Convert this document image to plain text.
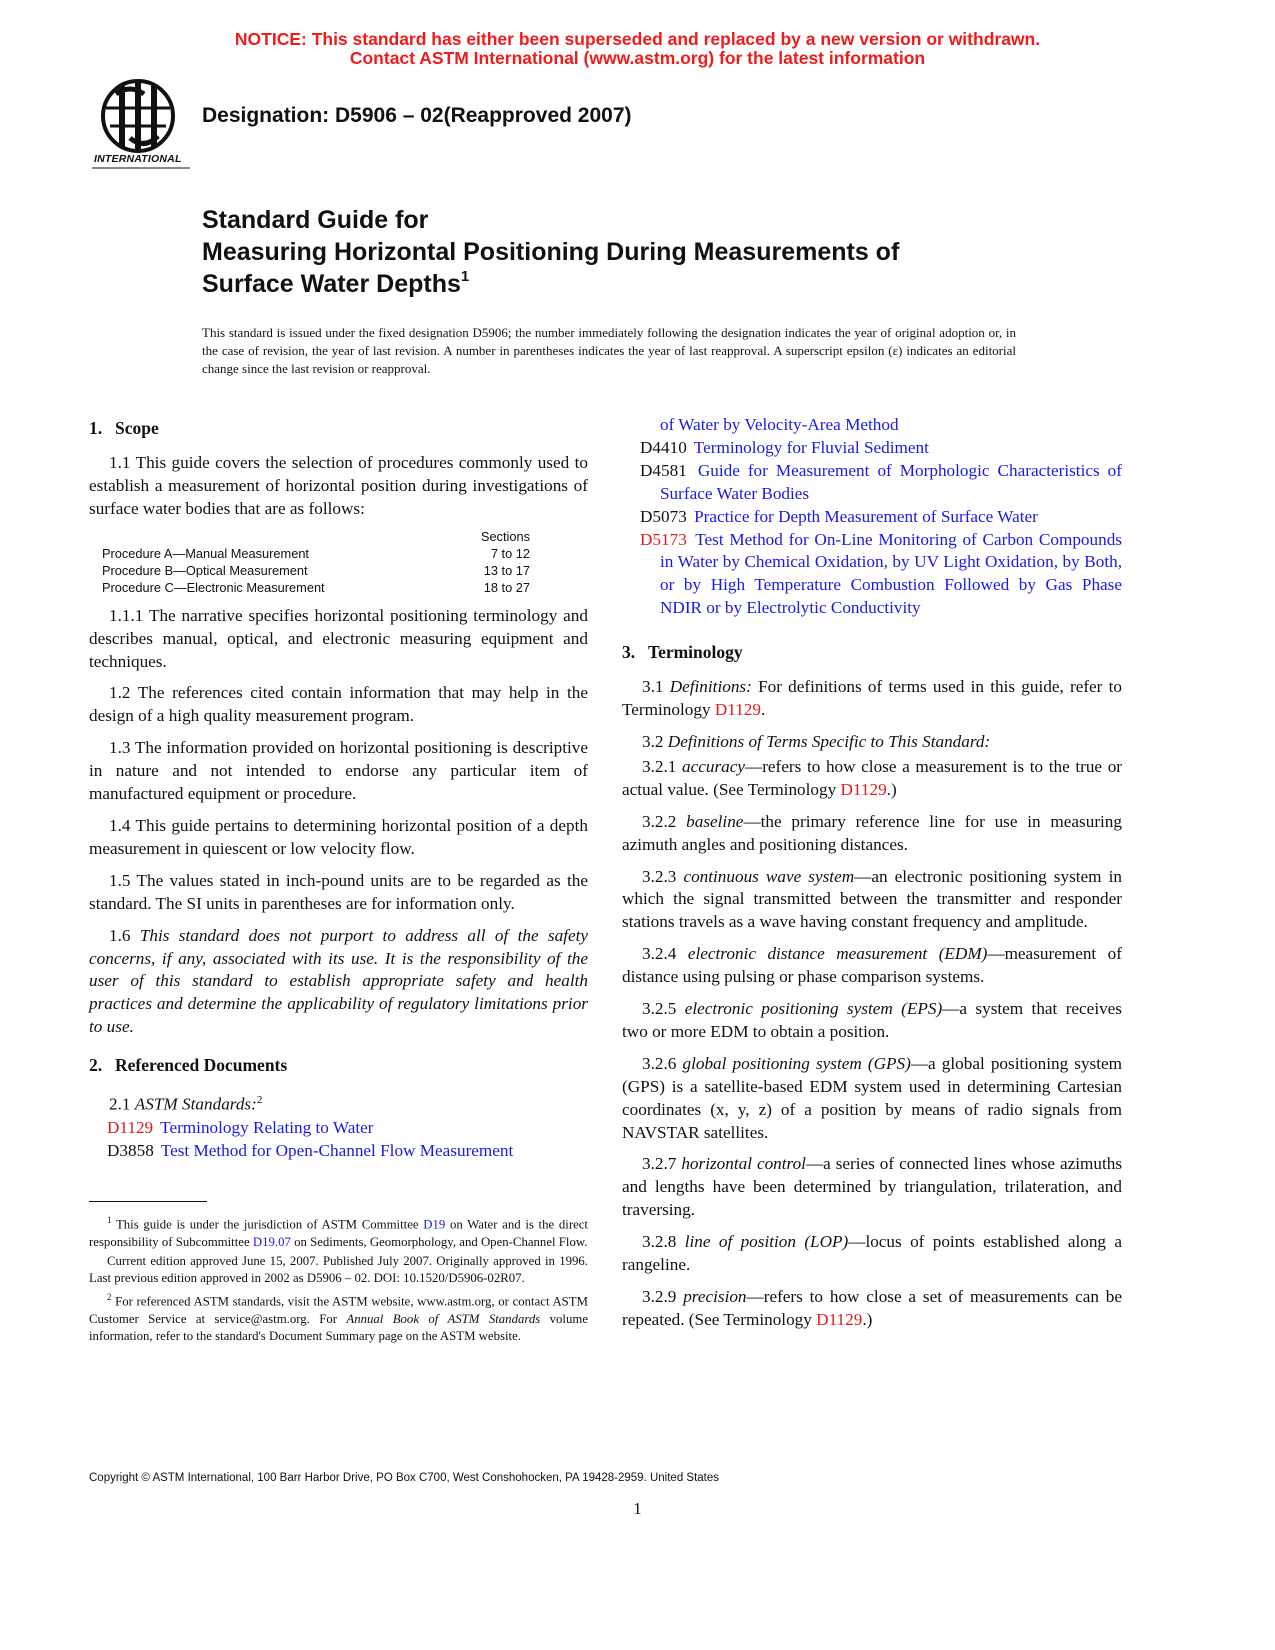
NOTICE: This standard has either been superseded and replaced by a new version or withdrawn.
Contact ASTM International (www.astm.org) for the latest information
INTERNATIONAL
Designation: D5906 – 02(Reapproved 2007)
Standard Guide for
Measuring Horizontal Positioning During Measurements of
Surface Water Depths$^1$
This standard is issued under the fixed designation D5906; the number immediately following the designation indicates the year of original adoption or, in the case of revision, the year of last revision. A number in parentheses indicates the year of last reapproval. A superscript epsilon (ε) indicates an editorial change since the last revision or reapproval.
1. Scope

1.1 This guide covers the selection of procedures commonly used to establish a measurement of horizontal position during investigations of surface water bodies that are as follows:

	Sections
Procedure A—Manual Measurement	7 to 12
Procedure B—Optical Measurement	13 to 17
Procedure C—Electronic Measurement	18 to 27

1.1.1 The narrative specifies horizontal positioning terminology and describes manual, optical, and electronic measuring equipment and techniques.

1.2 The references cited contain information that may help in the design of a high quality measurement program.

1.3 The information provided on horizontal positioning is descriptive in nature and not intended to endorse any particular item of manufactured equipment or procedure.

1.4 This guide pertains to determining horizontal position of a depth measurement in quiescent or low velocity flow.

1.5 The values stated in inch-pound units are to be regarded as the standard. The SI units in parentheses are for information only.

1.6 This standard does not purport to address all of the safety concerns, if any, associated with its use. It is the responsibility of the user of this standard to establish appropriate safety and health practices and determine the applicability of regulatory limitations prior to use.

2. Referenced Documents

2.1 ASTM Standards:$^2$

D1129 Terminology Relating to Water
D3858 Test Method for Open-Channel Flow Measurement
of Water by Velocity-Area Method
D4410 Terminology for Fluvial Sediment
D4581 Guide for Measurement of Morphologic Characteristics of Surface Water Bodies
D5073 Practice for Depth Measurement of Surface Water
D5173 Test Method for On-Line Monitoring of Carbon Compounds in Water by Chemical Oxidation, by UV Light Oxidation, by Both, or by High Temperature Combustion Followed by Gas Phase NDIR or by Electrolytic Conductivity
3. Terminology

3.1 Definitions: For definitions of terms used in this guide, refer to Terminology D1129.

3.2 Definitions of Terms Specific to This Standard:

3.2.1 accuracy—refers to how close a measurement is to the true or actual value. (See Terminology D1129.)

3.2.2 baseline—the primary reference line for use in measuring azimuth angles and positioning distances.

3.2.3 continuous wave system—an electronic positioning system in which the signal transmitted between the transmitter and responder stations travels as a wave having constant frequency and amplitude.

3.2.4 electronic distance measurement (EDM)—measurement of distance using pulsing or phase comparison systems.

3.2.5 electronic positioning system (EPS)—a system that receives two or more EDM to obtain a position.

3.2.6 global positioning system (GPS)—a global positioning system (GPS) is a satellite-based EDM system used in determining Cartesian coordinates (x, y, z) of a position by means of radio signals from NAVSTAR satellites.

3.2.7 horizontal control—a series of connected lines whose azimuths and lengths have been determined by triangulation, trilateration, and traversing.

3.2.8 line of position (LOP)—locus of points established along a rangeline.

3.2.9 precision—refers to how close a set of measurements can be repeated. (See Terminology D1129.)

$^1$ This guide is under the jurisdiction of ASTM Committee D19 on Water and is the direct responsibility of Subcommittee D19.07 on Sediments, Geomorphology, and Open-Channel Flow.

Current edition approved June 15, 2007. Published July 2007. Originally approved in 1996. Last previous edition approved in 2002 as D5906 – 02. DOI: 10.1520/D5906-02R07.

$^2$ For referenced ASTM standards, visit the ASTM website, www.astm.org, or contact ASTM Customer Service at service@astm.org. For Annual Book of ASTM Standards volume information, refer to the standard's Document Summary page on the ASTM website.

Copyright © ASTM International, 100 Barr Harbor Drive, PO Box C700, West Conshohocken, PA 19428-2959. United States
1
